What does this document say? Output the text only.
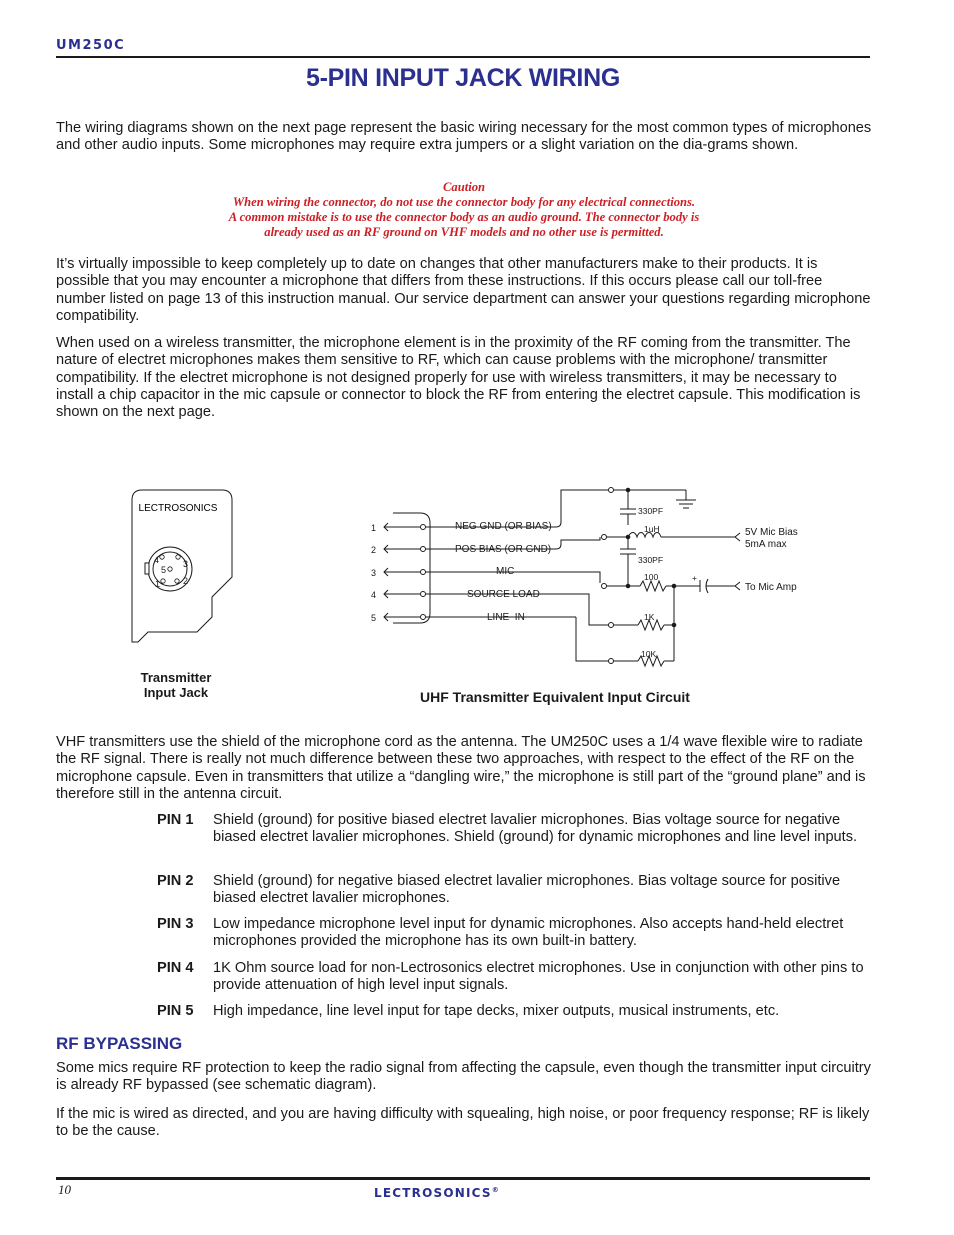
UM250C
5-PIN INPUT JACK WIRING

The wiring diagrams shown on the next page represent the basic wiring necessary for the most common types of microphones and other audio inputs. Some microphones may require extra jumpers or a slight variation on the dia-grams shown.

Caution
When wiring the connector, do not use the connector body for any electrical connections.
A common mistake is to use the connector body as an audio ground. The connector body is
already used as an RF ground on VHF models and no other use is permitted.

It’s virtually impossible to keep completely up to date on changes that other manufacturers make to their products. It is possible that you may encounter a microphone that differs from these instructions. If this occurs please call our toll-free number listed on page 13 of this instruction manual. Our service department can answer your questions regarding microphone compatibility.

When used on a wireless transmitter, the microphone element is in the proximity of the RF coming from the transmitter. The nature of electret microphones makes them sensitive to RF, which can cause problems with the microphone/ transmitter compatibility. If the electret microphone is not designed properly for use with wireless transmitters, it may be necessary to install a chip capacitor in the mic capsule or connector to block the RF from entering the electret capsule. This modification is shown on the next page.

LECTROSONICS
4
5
3
2
1
1
2
3
4
5
NEG GND (OR BIAS)
POS BIAS (OR GND)
MIC
SOURCE LOAD
LINE  IN
330PF
1uH
330PF
100
1K
10K
+
5V Mic Bias
5mA max
To Mic Amp
Transmitter
Input Jack	UHF Transmitter Equivalent Input Circuit

VHF transmitters use the shield of the microphone cord as the antenna. The UM250C uses a 1/4 wave flexible wire to radiate the RF signal. There is really not much difference between these two approaches, with respect to the effect of the RF on the microphone capsule. Even in transmitters that utilize a “dangling wire,” the microphone is still part of the “ground plane” and is therefore still in the antenna circuit.

PIN 1	Shield (ground) for positive biased electret lavalier microphones. Bias voltage source for negative biased electret lavalier microphones. Shield (ground) for dynamic microphones and line level inputs.
PIN 2	Shield (ground) for negative biased electret lavalier microphones. Bias voltage source for positive biased electret lavalier microphones.
PIN 3	Low impedance microphone level input for dynamic microphones. Also accepts hand-held electret microphones provided the microphone has its own built-in battery.
PIN 4	1K Ohm source load for non-Lectrosonics electret microphones. Use in conjunction with other pins to provide attenuation of high level input signals.
PIN 5	High impedance, line level input for tape decks, mixer outputs, musical instruments, etc.
RF BYPASSING

Some mics require RF protection to keep the radio signal from affecting the capsule, even though the transmitter input circuitry is already RF bypassed (see schematic diagram).

If the mic is wired as directed, and you are having difficulty with squealing, high noise, or poor frequency response; RF is likely to be the cause.

10	LECTROSONICS®
